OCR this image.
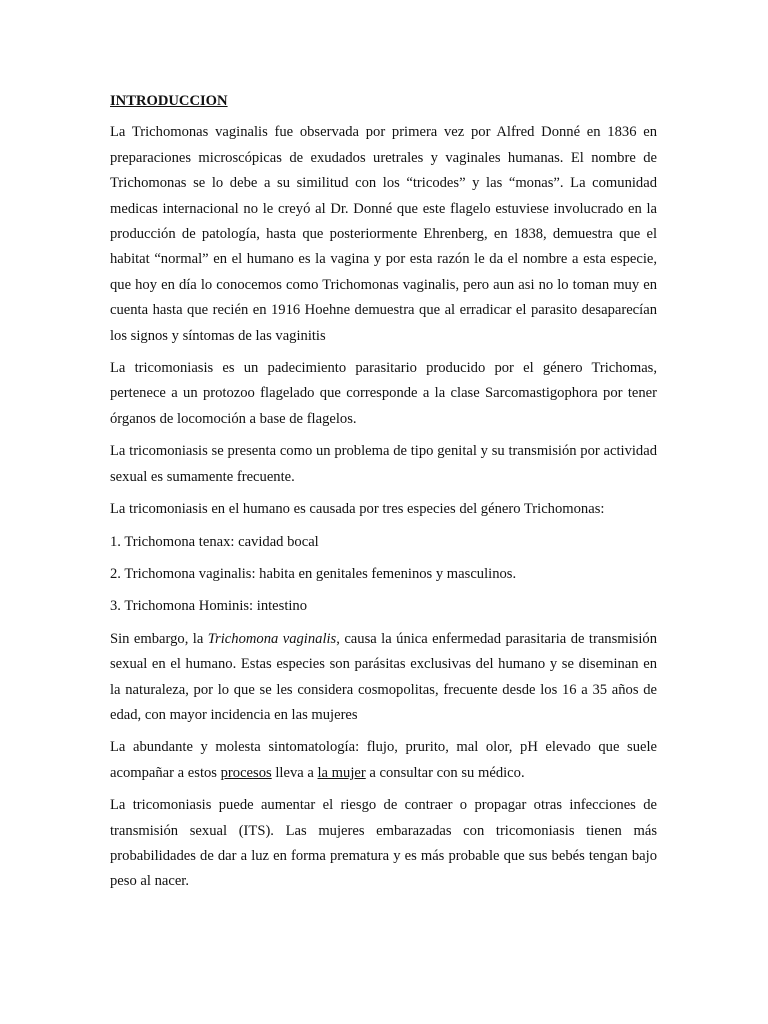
INTRODUCCION

La Trichomonas vaginalis fue observada por primera vez por Alfred Donné en 1836 en preparaciones microscópicas de exudados uretrales y vaginales humanas. El nombre de Trichomonas se lo debe a su similitud con los “tricodes” y las “monas”. La comunidad medicas internacional no le creyó al Dr. Donné que este flagelo estuviese involucrado en la producción de patología, hasta que posteriormente Ehrenberg, en 1838, demuestra que el habitat “normal” en el humano es la vagina y por esta razón le da el nombre a esta especie, que hoy en día lo conocemos como Trichomonas vaginalis, pero aun asi no lo toman muy en cuenta hasta que recién en 1916 Hoehne demuestra que al erradicar el parasito desaparecían los signos y síntomas de las vaginitis

La tricomoniasis es un padecimiento parasitario producido por el género Trichomas, pertenece a un protozoo flagelado que corresponde a la clase Sarcomastigophora por tener órganos de locomoción a base de flagelos.

La tricomoniasis se presenta como un problema de tipo genital y su transmisión por actividad sexual es sumamente frecuente.

La tricomoniasis en el humano es causada por tres especies del género Trichomonas:

1. Trichomona tenax: cavidad bocal

2. Trichomona vaginalis: habita en genitales femeninos y masculinos.

3. Trichomona Hominis: intestino

Sin embargo, la Trichomona vaginalis, causa la única enfermedad parasitaria de transmisión sexual en el humano. Estas especies son parásitas exclusivas del humano y se diseminan en la naturaleza, por lo que se les considera cosmopolitas, frecuente desde los 16 a 35 años de edad, con mayor incidencia en las mujeres

La abundante y molesta sintomatología: flujo, prurito, mal olor, pH elevado que suele acompañar a estos procesos lleva a la mujer a consultar con su médico.

La tricomoniasis puede aumentar el riesgo de contraer o propagar otras infecciones de transmisión sexual (ITS). Las mujeres embarazadas con tricomoniasis tienen más probabilidades de dar a luz en forma prematura y es más probable que sus bebés tengan bajo peso al nacer.
